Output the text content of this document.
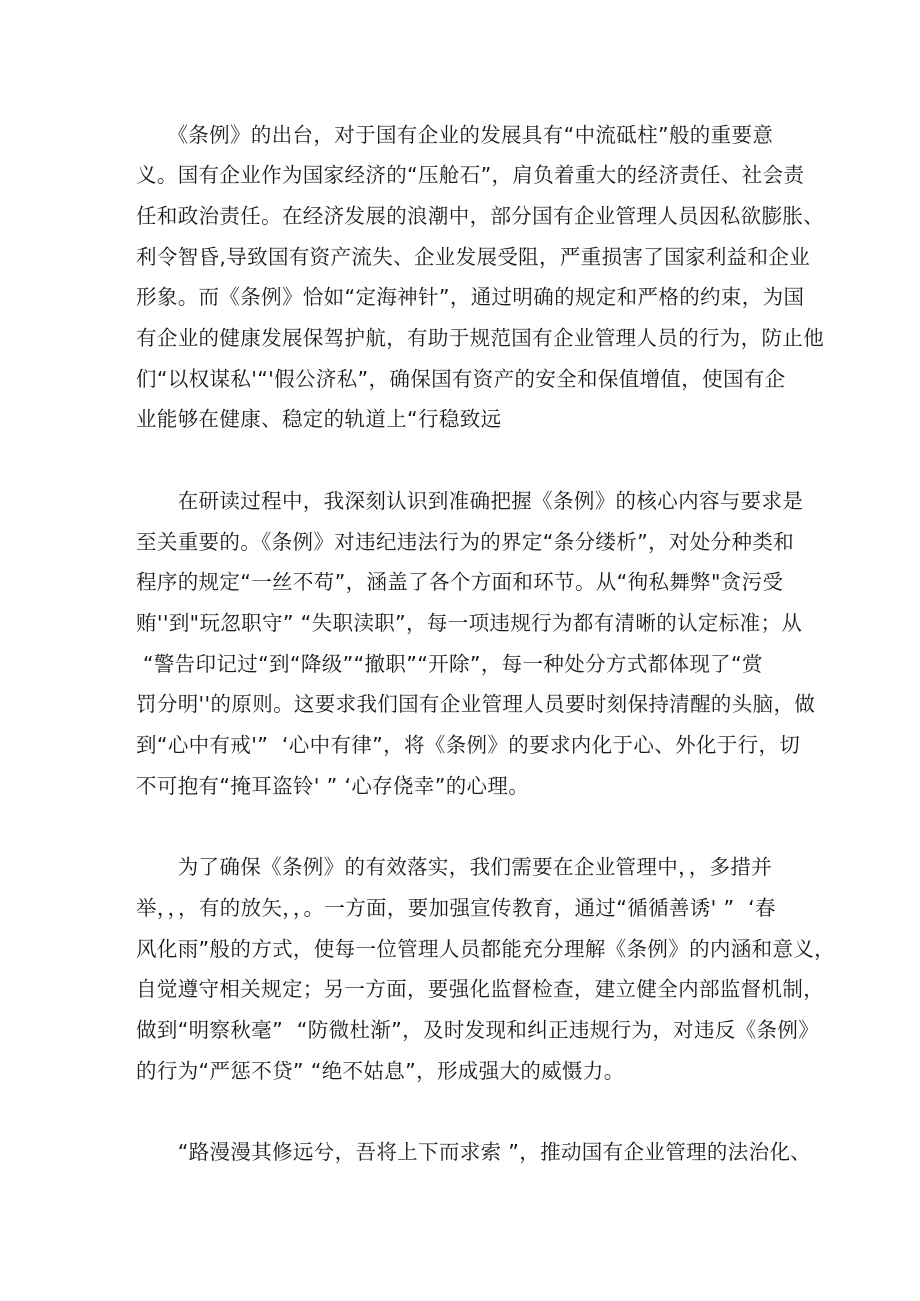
　　《条例》的出台，对于国有企业的发展具有“中流砥柱”般的重要意

义。国有企业作为国家经济的“压舱石”，肩负着重大的经济责任、社会责

任和政治责任。在经济发展的浪潮中，部分国有企业管理人员因私欲膨胀、

利令智昏,导致国有资产流失、企业发展受阻，严重损害了国家利益和企业

形象。而《条例》恰如“定海神针”，通过明确的规定和严格的约束，为国

有企业的健康发展保驾护航，有助于规范国有企业管理人员的行为，防止他

们“以权谋私'“'假公济私”，确保国有资产的安全和保值增值，使国有企

业能够在健康、稳定的轨道上“行稳致远

　　在研读过程中，我深刻认识到准确把握《条例》的核心内容与要求是

至关重要的。《条例》对违纪违法行为的界定“条分缕析”，对处分种类和

程序的规定“一丝不苟”，涵盖了各个方面和环节。从“徇私舞弊"贪污受

贿''到"玩忽职守” “失职渎职”，每一项违规行为都有清晰的认定标准；从

“警告印记过“到“降级”“撤职”“开除”，每一种处分方式都体现了“赏

罚分明''的原则。这要求我们国有企业管理人员要时刻保持清醒的头脑，做

到“心中有戒'”  ‘心中有律”，将《条例》的要求内化于心、外化于行，切

不可抱有“掩耳盗铃' ” ‘心存侥幸”的心理。

　　为了确保《条例》的有效落实，我们需要在企业管理中，，多措并

举，，，有的放矢，，。一方面，要加强宣传教育，通过“循循善诱' ”  ‘春

风化雨”般的方式，使每一位管理人员都能充分理解《条例》的内涵和意义，

自觉遵守相关规定；另一方面，要强化监督检查，建立健全内部监督机制，

做到“明察秋毫”  “防微杜渐”，及时发现和纠正违规行为，对违反《条例》

的行为“严惩不贷” “绝不姑息”，形成强大的威慑力。

　　“路漫漫其修远兮，吾将上下而求索 ”，推动国有企业管理的法治化、
